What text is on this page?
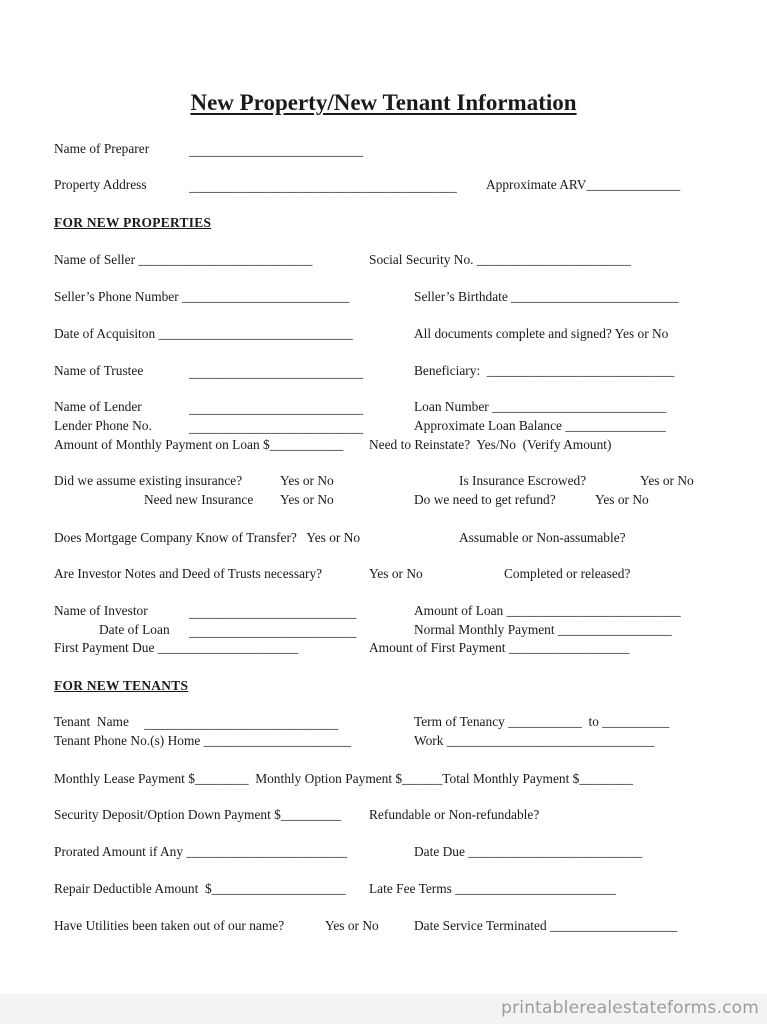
New Property/New Tenant Information
Name of Preparer	__________________________
Property Address	________________________________________ Approximate ARV______________
FOR NEW PROPERTIES
Name of Seller __________________________	Social Security No. _______________________
Seller’s Phone Number _________________________	Seller’s Birthdate _________________________
Date of Acquisiton _____________________________	All documents complete and signed? Yes or No
Name of Trustee	__________________________	Beneficiary:  ____________________________
Name of Lender	__________________________	Loan Number __________________________
Lender Phone No.	__________________________	Approximate Loan Balance _______________
Amount of Monthly Payment on Loan $___________ Need to Reinstate?  Yes/No  (Verify Amount)
Did we assume existing insurance?	Yes or No	Is Insurance Escrowed?	Yes or No
Need new Insurance Yes or No	Do we need to get refund?	Yes or No
Does Mortgage Company Know of Transfer?   Yes or No	Assumable or Non-assumable?
Are Investor Notes and Deed of Trusts necessary?	Yes or No	Completed or released?
Name of Investor	_________________________	Amount of Loan __________________________
Date of Loan _________________________	Normal Monthly Payment _________________
First Payment Due _____________________	Amount of First Payment __________________
FOR NEW TENANTS
Tenant  Name _____________________________	Term of Tenancy ___________  to __________
Tenant Phone No.(s) Home ______________________	Work _______________________________
Monthly Lease Payment $________  Monthly Option Payment $______Total Monthly Payment $________
Security Deposit/Option Down Payment $_________ Refundable or Non-refundable?
Prorated Amount if Any ________________________	Date Due __________________________
Repair Deductible Amount  $____________________ Late Fee Terms ________________________
Have Utilities been taken out of our name?	Yes or No	Date Service Terminated ___________________
printablerealestateforms.com
